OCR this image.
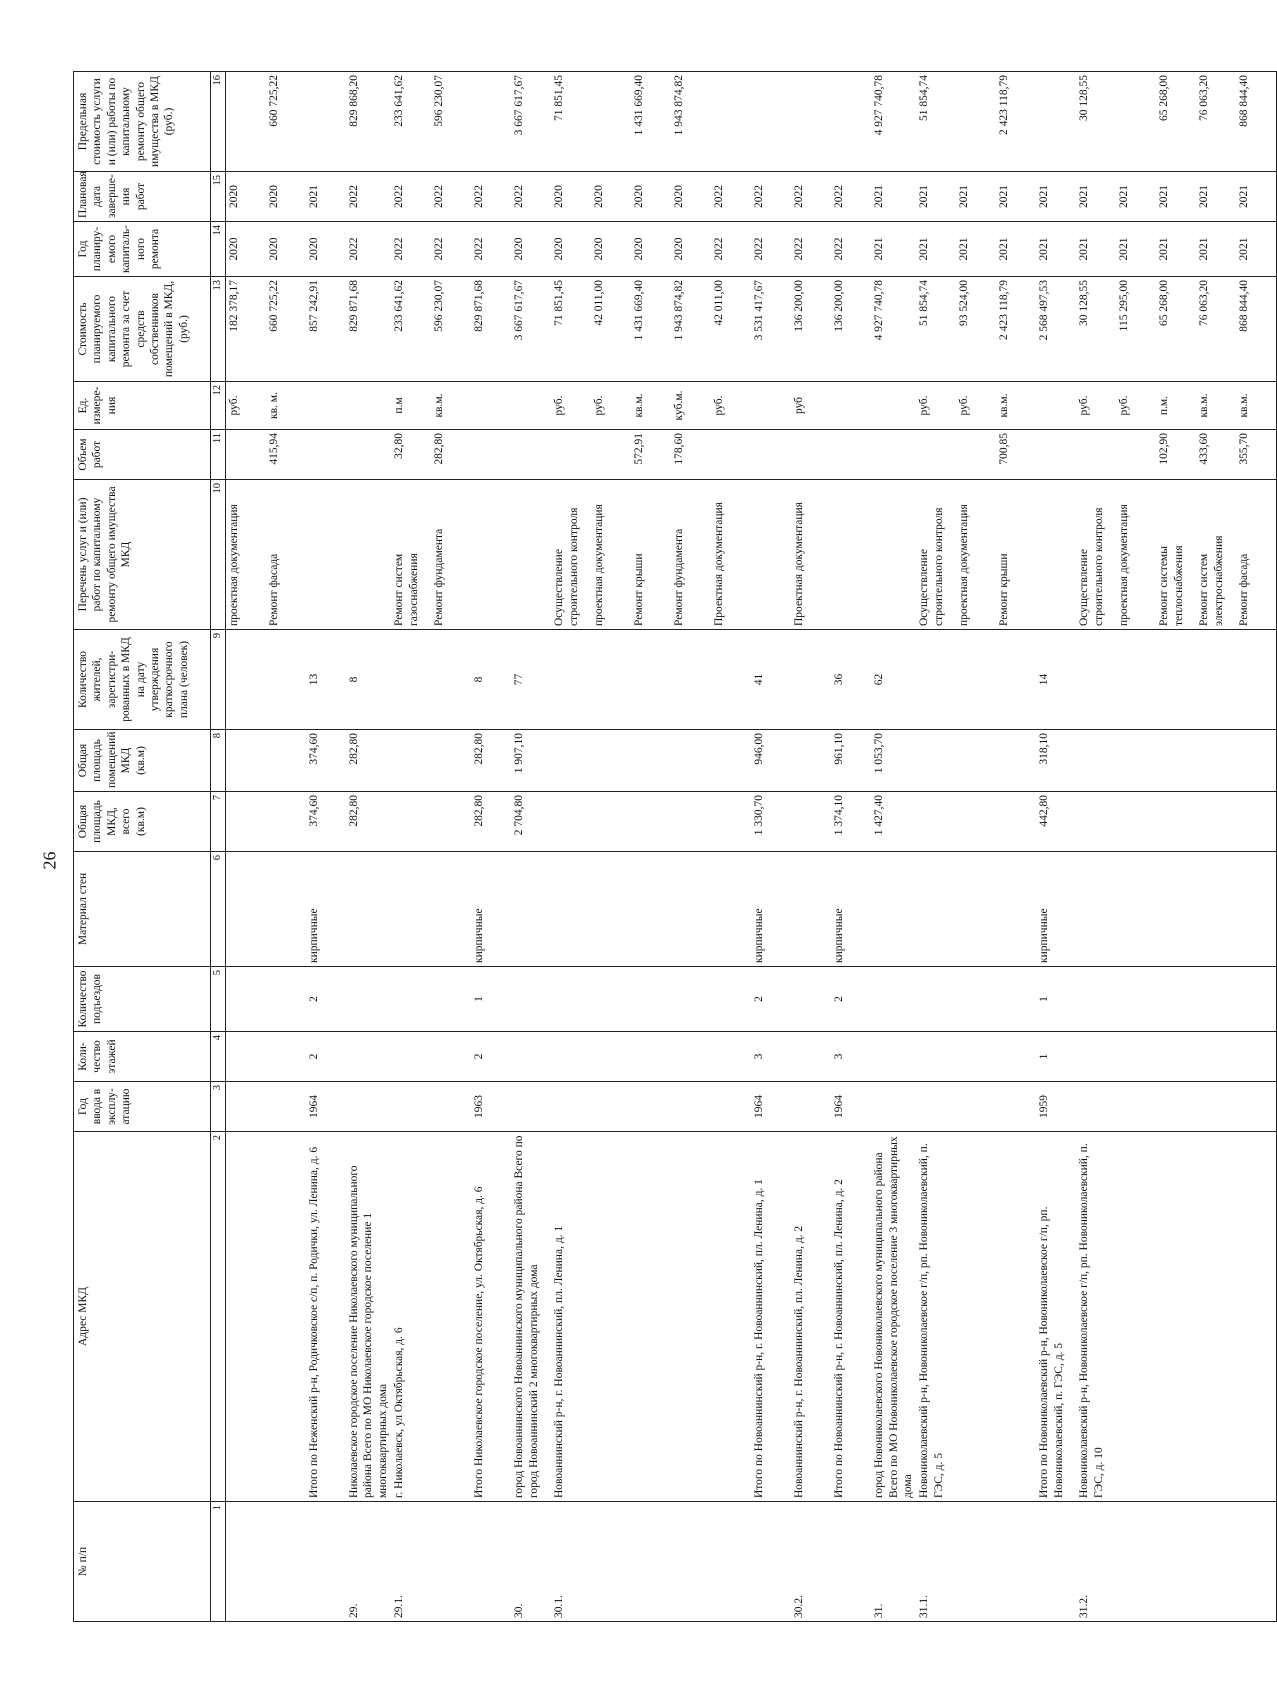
26
№ п/п	Адрес МКД	Год ввода в эксплу-атацию	Коли-чество этажей	Количество подъездов	Материал стен	Общая площадь МКД, всего (кв.м)	Общая площадь помещений МКД (кв.м)	Количество жителей, зарегистри-рованных в МКД на дату утверждения краткосрочного плана (человек)	Перечень услуг и (или) работ по капитальному ремонту общего имущества МКД	Объем работ	Ед. измере-ния	Стоимость планируемого капитального ремонта за счет средств собственников помещений в МКД, (руб.)	Год планиру-емого капиталь-ного ремонта	Плановая дата заверше-ния работ	Предельная стоимость услуги и (или) работы по капитальному ремонту общего имущества в МКД (руб.)
1	2	3	4	5	6	7	8	9	10	11	12	13	14	15	16
									проектная документация		руб.	182 378,17	2020	2020	
									Ремонт фасада	415,94	кв. м.	660 725,22	2020	2020	660 725,22
	Итого по Неженский р-н, Родичковское с/п, п. Родички, ул. Ленина, д. 6	1964	2	2	кирпичные	374,60	374,60	13				857 242,91	2020	2021	
29.	Николаевское городское поселение Николаевского муниципального района Всего по МО Николаевское городское поселение 1 многоквартирных дома					282,80	282,80	8				829 871,68	2022	2022	829 868,20
29.1.	г. Николаевск, ул Октябрьская, д. 6								Ремонт систем газоснабжения	32,80	п.м	233 641,62	2022	2022	233 641,62
									Ремонт фундамента	282,80	кв.м.	596 230,07	2022	2022	596 230,07
	Итого Николаевское городское поселение, ул. Октябрьская, д. 6	1963	2	1	кирпичные	282,80	282,80	8				829 871,68	2022	2022	
30.	город Новоаннинского Новоаннинского муниципального района Всего по город Новоаннинский 2 многоквартирных дома					2 704,80	1 907,10	77				3 667 617,67	2020	2022	3 667 617,67
30.1.	Новоаннинский р-н, г. Новоаннинский, пл. Ленина, д. 1								Осуществление строительного контроля		руб.	71 851,45	2020	2020	71 851,45
									проектная документация		руб.	42 011,00	2020	2020	
									Ремонт крыши	572,91	кв.м.	1 431 669,40	2020	2020	1 431 669,40
									Ремонт фундамента	178,60	куб.м.	1 943 874,82	2020	2020	1 943 874,82
									Проектная документация		руб.	42 011,00	2022	2022	
	Итого по Новоаннинский р-н, г. Новоаннинский, пл. Ленина, д. 1	1964	3	2	кирпичные	1 330,70	946,00	41				3 531 417,67	2022	2022	
30.2.	Новоаннинский р-н, г. Новоаннинский, пл. Ленина, д. 2								Проектная документация		руб	136 200,00	2022	2022	
	Итого по Новоаннинский р-н, г. Новоаннинский, пл. Ленина, д. 2	1964	3	2	кирпичные	1 374,10	961,10	36				136 200,00	2022	2022	
31.	город Новониколаевского Новониколаевского муниципального района Всего по МО Новониколаевское городское поселение 3 многоквартирных дома					1 427,40	1 053,70	62				4 927 740,78	2021	2021	4 927 740,78
31.1.	Новониколаевский р-н, Новониколаевское г/п, рп. Новониколаевский, п. ГЭС, д. 5								Осуществление строительного контроля		руб.	51 854,74	2021	2021	51 854,74
									проектная документация		руб.	93 524,00	2021	2021	
									Ремонт крыши	700,85	кв.м.	2 423 118,79	2021	2021	2 423 118,79
	Итого по Новониколаевский р-н, Новониколаевское г/п, рп. Новониколаевский, п. ГЭС, д. 5	1959	1	1	кирпичные	442,80	318,10	14				2 568 497,53	2021	2021	
31.2.	Новониколаевский р-н, Новониколаевское г/п, рп. Новониколаевский, п. ГЭС, д. 10								Осуществление строительного контроля		руб.	30 128,55	2021	2021	30 128,55
									проектная документация		руб.	115 295,00	2021	2021	
									Ремонт системы теплоснабжения	102,90	п.м.	65 268,00	2021	2021	65 268,00
									Ремонт систем электроснабжения	433,60	кв.м.	76 063,20	2021	2021	76 063,20
									Ремонт фасада	355,70	кв.м.	868 844,40	2021	2021	868 844,40
